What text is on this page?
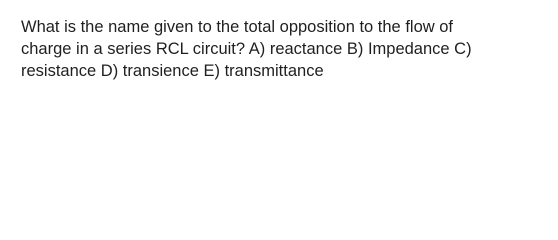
What is the name given to the total opposition to the flow of
charge in a series RCL circuit? A) reactance B) Impedance C)
resistance D) transience E) transmittance
